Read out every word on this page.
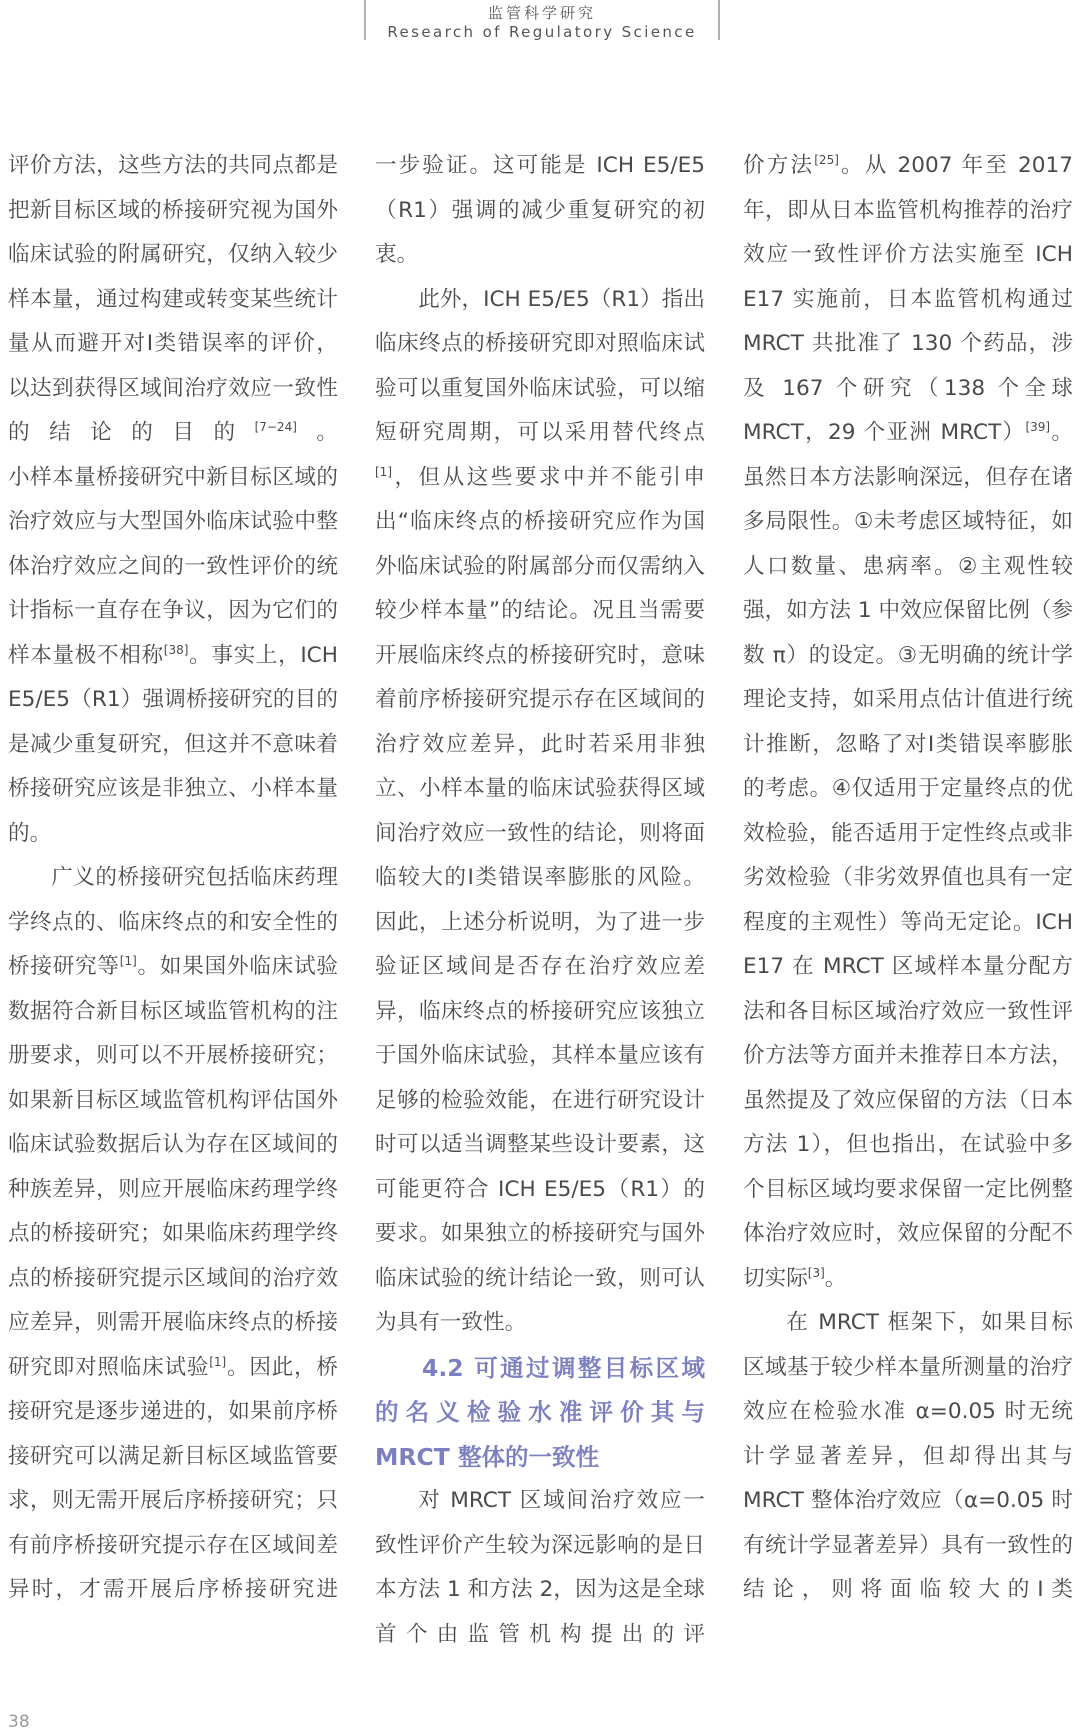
监管科学研究
Research of Regulatory Science

评价方法，这些方法的共同点都是把新目标区域的桥接研究视为国外临床试验的附属研究，仅纳入较少样本量，通过构建或转变某些统计量从而避开对Ⅰ类错误率的评价，以达到获得区域间治疗效应一致性的结论的目的[7−24]。

小样本量桥接研究中新目标区域的治疗效应与大型国外临床试验中整体治疗效应之间的一致性评价的统计指标一直存在争议，因为它们的样本量极不相称[38]。事实上，ICH E5/E5（R1）强调桥接研究的目的是减少重复研究，但这并不意味着桥接研究应该是非独立、小样本量的。

广义的桥接研究包括临床药理学终点的、临床终点的和安全性的桥接研究等[1]。如果国外临床试验数据符合新目标区域监管机构的注册要求，则可以不开展桥接研究；如果新目标区域监管机构评估国外临床试验数据后认为存在区域间的种族差异，则应开展临床药理学终点的桥接研究；如果临床药理学终点的桥接研究提示区域间的治疗效应差异，则需开展临床终点的桥接研究即对照临床试验[1]。因此，桥接研究是逐步递进的，如果前序桥接研究可以满足新目标区域监管要求，则无需开展后序桥接研究；只有前序桥接研究提示存在区域间差异时，才需开展后序桥接研究进

一步验证。这可能是 ICH E5/E5（R1）强调的减少重复研究的初衷。

此外，ICH E5/E5（R1）指出临床终点的桥接研究即对照临床试验可以重复国外临床试验，可以缩短研究周期，可以采用替代终点[1]，但从这些要求中并不能引申出“临床终点的桥接研究应作为国外临床试验的附属部分而仅需纳入较少样本量”的结论。况且当需要开展临床终点的桥接研究时，意味着前序桥接研究提示存在区域间的治疗效应差异，此时若采用非独立、小样本量的临床试验获得区域间治疗效应一致性的结论，则将面临较大的Ⅰ类错误率膨胀的风险。因此，上述分析说明，为了进一步验证区域间是否存在治疗效应差异，临床终点的桥接研究应该独立于国外临床试验，其样本量应该有足够的检验效能，在进行研究设计时可以适当调整某些设计要素，这可能更符合 ICH E5/E5（R1）的要求。如果独立的桥接研究与国外临床试验的统计结论一致，则可认为具有一致性。

4.2 可通过调整目标区域的名义检验水准评价其与MRCT 整体的一致性

对 MRCT 区域间治疗效应一致性评价产生较为深远影响的是日本方法 1 和方法 2，因为这是全球首个由监管机构提出的评

价方法[25]。从 2007 年至 2017 年，即从日本监管机构推荐的治疗效应一致性评价方法实施至 ICH E17 实施前，日本监管机构通过 MRCT 共批准了 130 个药品，涉及 167 个研究（138 个全球 MRCT，29 个亚洲 MRCT）[39]。虽然日本方法影响深远，但存在诸多局限性。①未考虑区域特征，如人口数量、患病率。②主观性较强，如方法 1 中效应保留比例（参数 π）的设定。③无明确的统计学理论支持，如采用点估计值进行统计推断，忽略了对Ⅰ类错误率膨胀的考虑。④仅适用于定量终点的优效检验，能否适用于定性终点或非劣效检验（非劣效界值也具有一定程度的主观性）等尚无定论。ICH E17 在 MRCT 区域样本量分配方法和各目标区域治疗效应一致性评价方法等方面并未推荐日本方法，虽然提及了效应保留的方法（日本方法 1），但也指出，在试验中多个目标区域均要求保留一定比例整体治疗效应时，效应保留的分配不切实际[3]。

在 MRCT 框架下，如果目标区域基于较少样本量所测量的治疗效应在检验水准 α=0.05 时无统计学显著差异，但却得出其与 MRCT 整体治疗效应（α=0.05 时有统计学显著差异）具有一致性的结论，则将面临较大的Ⅰ类

38
